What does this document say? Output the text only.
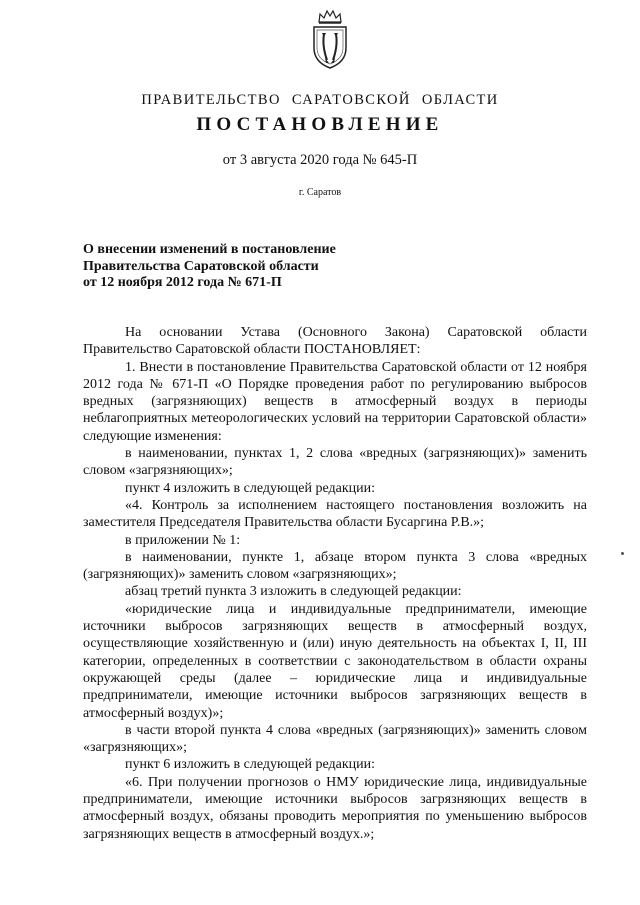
ПРАВИТЕЛЬСТВО САРАТОВСКОЙ ОБЛАСТИ
ПОСТАНОВЛЕНИЕ
от 3 августа 2020 года № 645-П
г. Саратов
О внесении изменений в постановление
Правительства Саратовской области
от 12 ноября 2012 года № 671-П

На основании Устава (Основного Закона) Саратовской области Правительство Саратовской области ПОСТАНОВЛЯЕТ:

1. Внести в постановление Правительства Саратовской области от 12 ноября 2012 года № 671-П «О Порядке проведения работ по регулированию выбросов вредных (загрязняющих) веществ в атмосферный воздух в периоды неблагоприятных метеорологических условий на территории Саратовской области» следующие изменения:

в наименовании, пунктах 1, 2 слова «вредных (загрязняющих)» заменить словом «загрязняющих»;

пункт 4 изложить в следующей редакции:

«4. Контроль за исполнением настоящего постановления возложить на заместителя Председателя Правительства области Бусаргина Р.В.»;

в приложении № 1:

в наименовании, пункте 1, абзаце втором пункта 3 слова «вредных (загрязняющих)» заменить словом «загрязняющих»;

абзац третий пункта 3 изложить в следующей редакции:

«юридические лица и индивидуальные предприниматели, имеющие источники выбросов загрязняющих веществ в атмосферный воздух, осуществляющие хозяйственную и (или) иную деятельность на объектах I, II, III категории, определенных в соответствии с законодательством в области охраны окружающей среды (далее – юридические лица и индивидуальные предприниматели, имеющие источники выбросов загрязняющих веществ в атмосферный воздух)»;

в части второй пункта 4 слова «вредных (загрязняющих)» заменить словом «загрязняющих»;

пункт 6 изложить в следующей редакции:

«6. При получении прогнозов о НМУ юридические лица, индивидуальные предприниматели, имеющие источники выбросов загрязняющих веществ в атмосферный воздух, обязаны проводить мероприятия по уменьшению выбросов загрязняющих веществ в атмосферный воздух.»;
